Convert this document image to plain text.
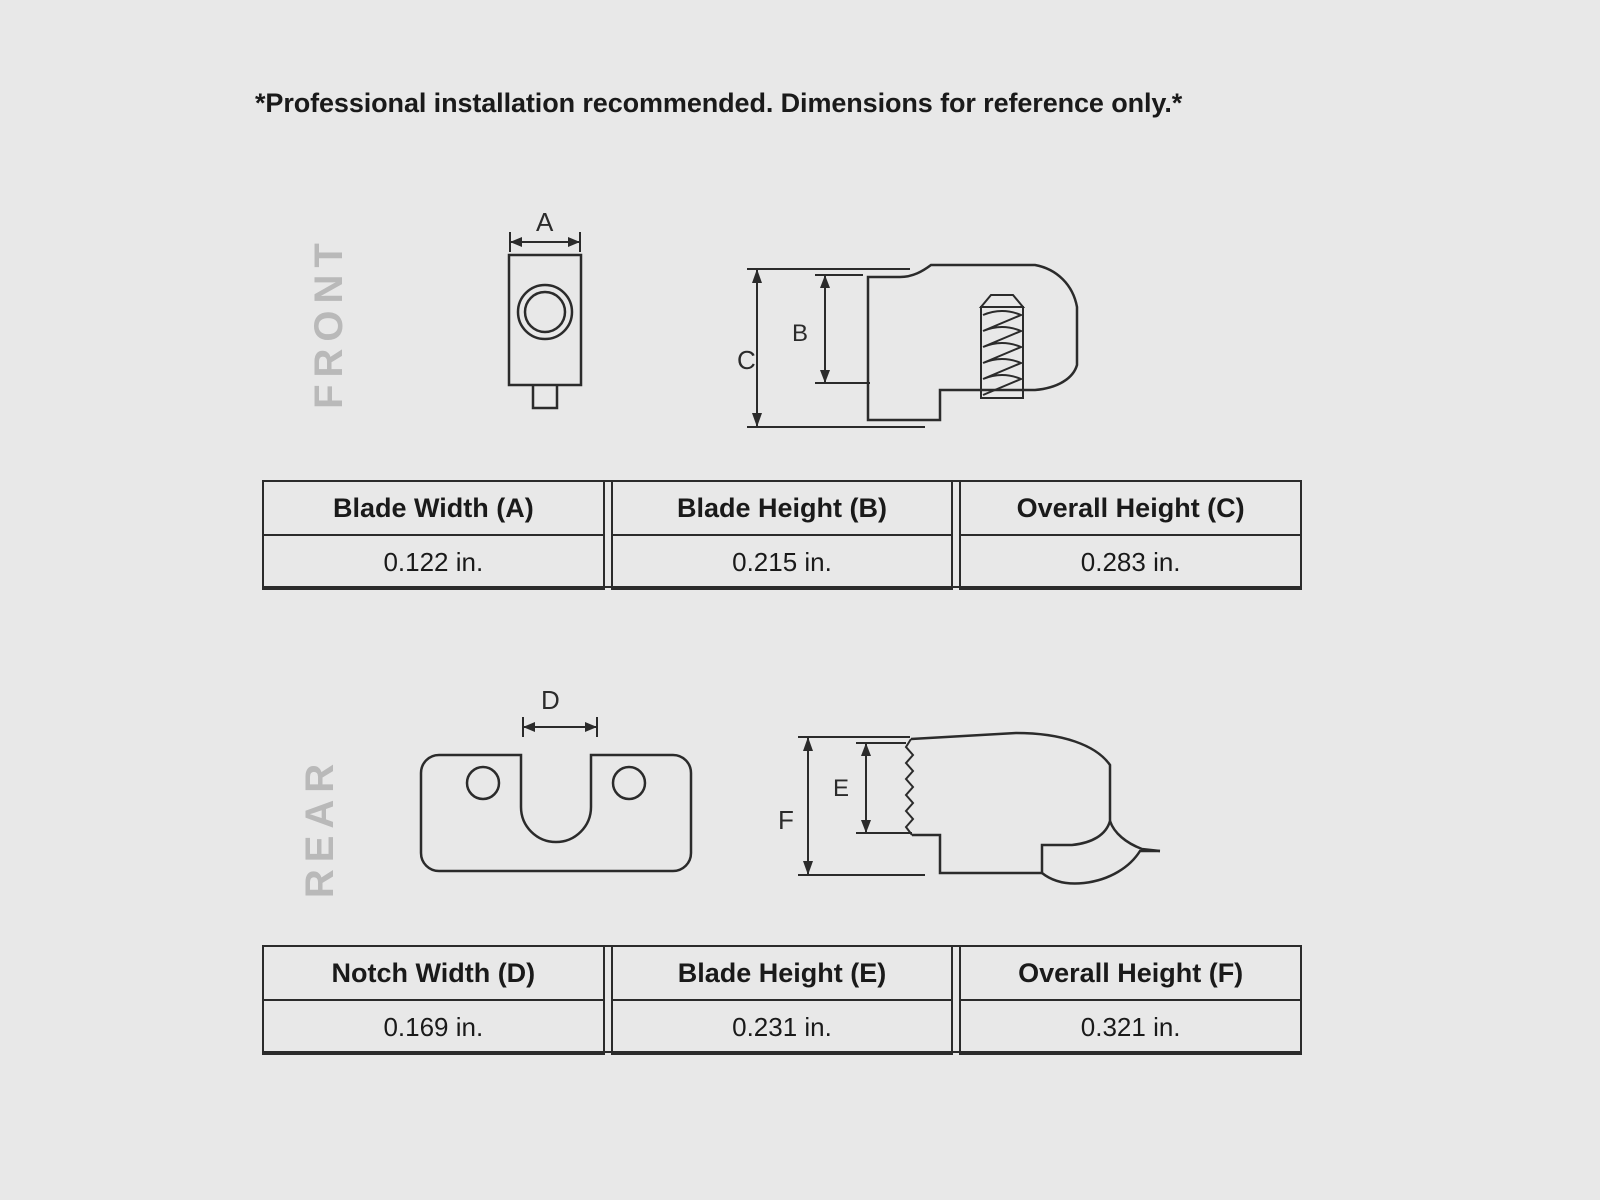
*Professional installation recommended. Dimensions for reference only.*
FRONT
A
C
B
Blade Width (A)		Blade Height (B)		Overall Height (C)
0.122 in.		0.215 in.		0.283 in.
REAR
D
F
E
Notch Width (D)		Blade Height (E)		Overall Height (F)
0.169 in.		0.231 in.		0.321 in.
